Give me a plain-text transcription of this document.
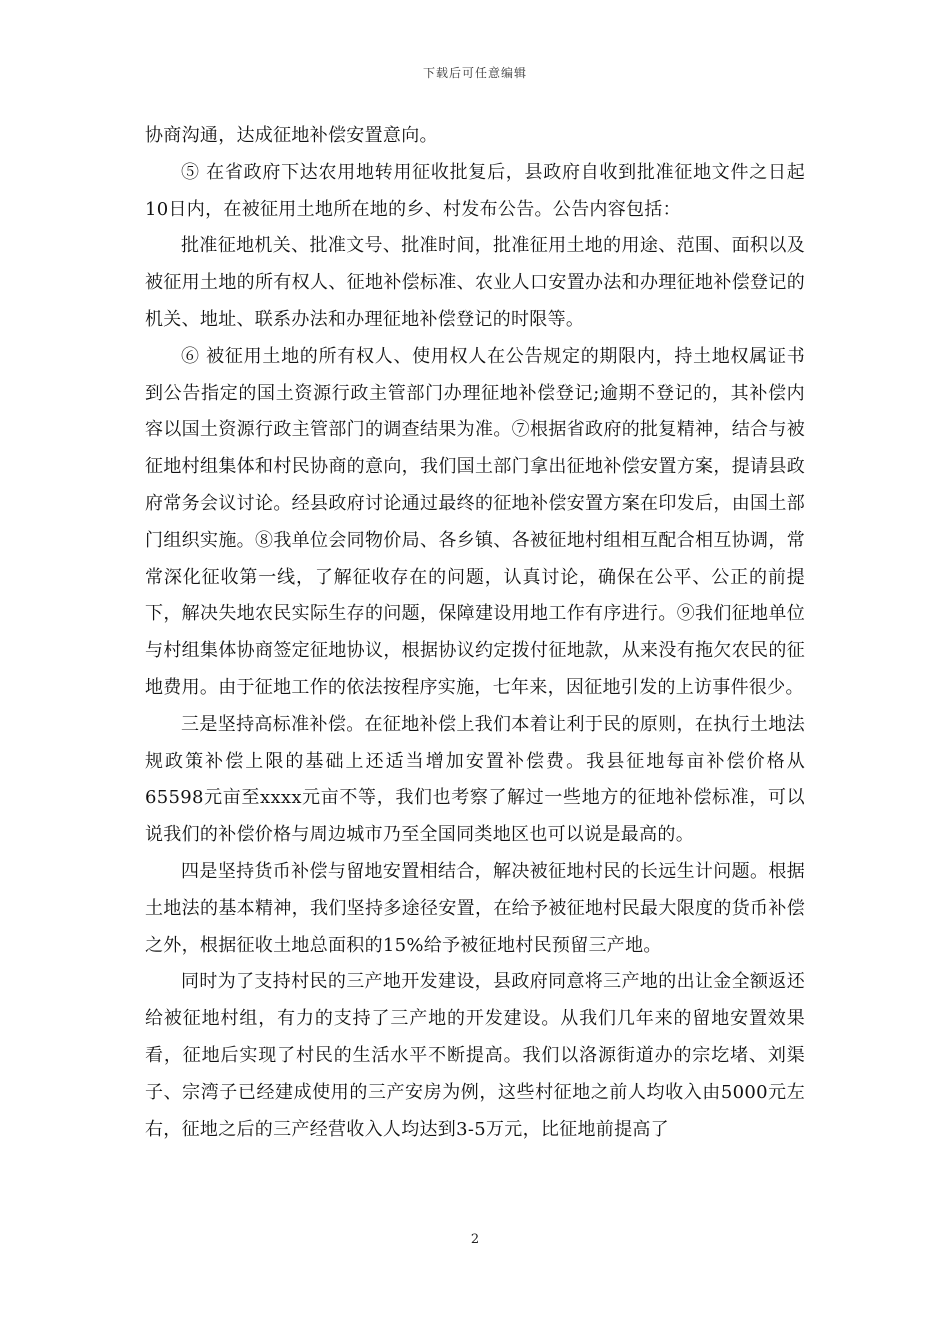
下载后可任意编辑

协商沟通，达成征地补偿安置意向。

⑤ 在省政府下达农用地转用征收批复后，县政府自收到批准征地文件之日起10日内，在被征用土地所在地的乡、村发布公告。公告内容包括：

批准征地机关、批准文号、批准时间，批准征用土地的用途、范围、面积以及被征用土地的所有权人、征地补偿标准、农业人口安置办法和办理征地补偿登记的机关、地址、联系办法和办理征地补偿登记的时限等。

⑥ 被征用土地的所有权人、使用权人在公告规定的期限内，持土地权属证书到公告指定的国土资源行政主管部门办理征地补偿登记;逾期不登记的，其补偿内容以国土资源行政主管部门的调查结果为准。⑦根据省政府的批复精神，结合与被征地村组集体和村民协商的意向，我们国土部门拿出征地补偿安置方案，提请县政府常务会议讨论。经县政府讨论通过最终的征地补偿安置方案在印发后，由国土部门组织实施。⑧我单位会同物价局、各乡镇、各被征地村组相互配合相互协调，常常深化征收第一线，了解征收存在的问题，认真讨论，确保在公平、公正的前提下，解决失地农民实际生存的问题，保障建设用地工作有序进行。⑨我们征地单位与村组集体协商签定征地协议，根据协议约定拨付征地款，从来没有拖欠农民的征地费用。由于征地工作的依法按程序实施，七年来，因征地引发的上访事件很少。

三是坚持高标准补偿。在征地补偿上我们本着让利于民的原则，在执行土地法规政策补偿上限的基础上还适当增加安置补偿费。我县征地每亩补偿价格从65598元亩至xxxx元亩不等，我们也考察了解过一些地方的征地补偿标准，可以说我们的补偿价格与周边城市乃至全国同类地区也可以说是最高的。

四是坚持货币补偿与留地安置相结合，解决被征地村民的长远生计问题。根据土地法的基本精神，我们坚持多途径安置，在给予被征地村民最大限度的货币补偿之外，根据征收土地总面积的15%给予被征地村民预留三产地。

同时为了支持村民的三产地开发建设，县政府同意将三产地的出让金全额返还给被征地村组，有力的支持了三产地的开发建设。从我们几年来的留地安置效果看，征地后实现了村民的生活水平不断提高。我们以洛源街道办的宗圪堵、刘渠子、宗湾子已经建成使用的三产安房为例，这些村征地之前人均收入由5000元左右，征地之后的三产经营收入人均达到3-5万元，比征地前提高了

2
